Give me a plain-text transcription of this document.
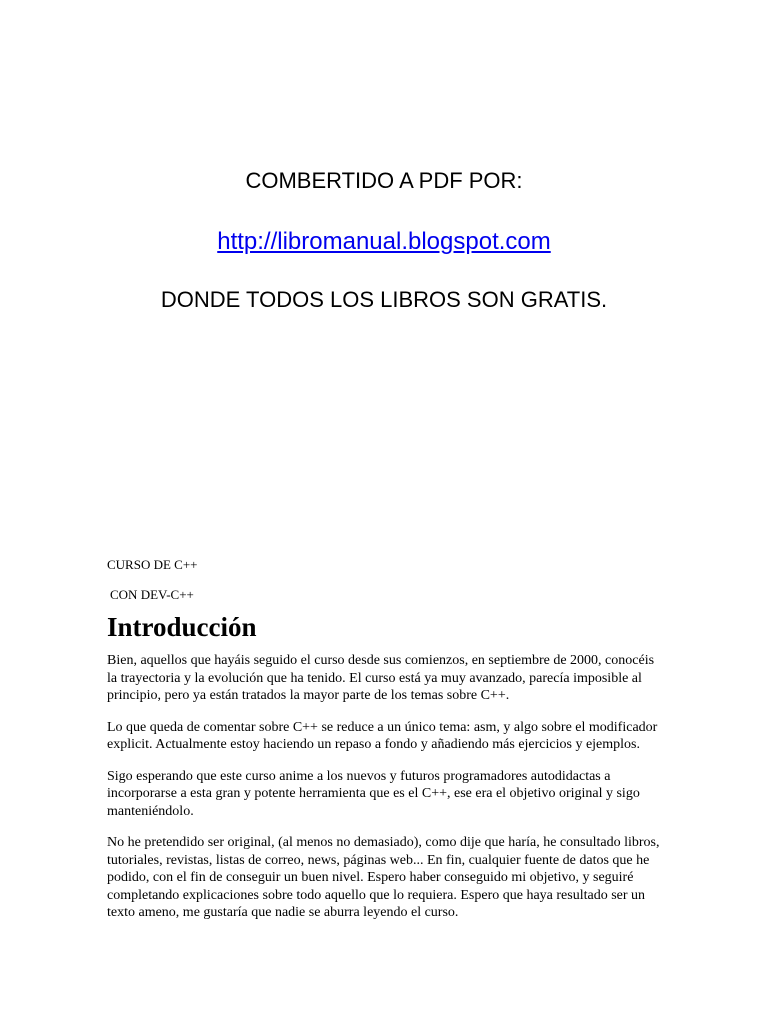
COMBERTIDO A PDF POR:
http://libromanual.blogspot.com
DONDE TODOS LOS LIBROS SON GRATIS.

CURSO DE C++

CON DEV-C++

Introducción

Bien, aquellos que hayáis seguido el curso desde sus comienzos, en septiembre de 2000, conocéis la trayectoria y la evolución que ha tenido. El curso está ya muy avanzado, parecía imposible al principio, pero ya están tratados la mayor parte de los temas sobre C++.

Lo que queda de comentar sobre C++ se reduce a un único tema: asm, y algo sobre el modificador explicit. Actualmente estoy haciendo un repaso a fondo y añadiendo más ejercicios y ejemplos.

Sigo esperando que este curso anime a los nuevos y futuros programadores autodidactas a incorporarse a esta gran y potente herramienta que es el C++, ese era el objetivo original y sigo manteniéndolo.

No he pretendido ser original, (al menos no demasiado), como dije que haría, he consultado libros, tutoriales, revistas, listas de correo, news, páginas web... En fin, cualquier fuente de datos que he podido, con el fin de conseguir un buen nivel. Espero haber conseguido mi objetivo, y seguiré completando explicaciones sobre todo aquello que lo requiera. Espero que haya resultado ser un texto ameno, me gustaría que nadie se aburra leyendo el curso.
